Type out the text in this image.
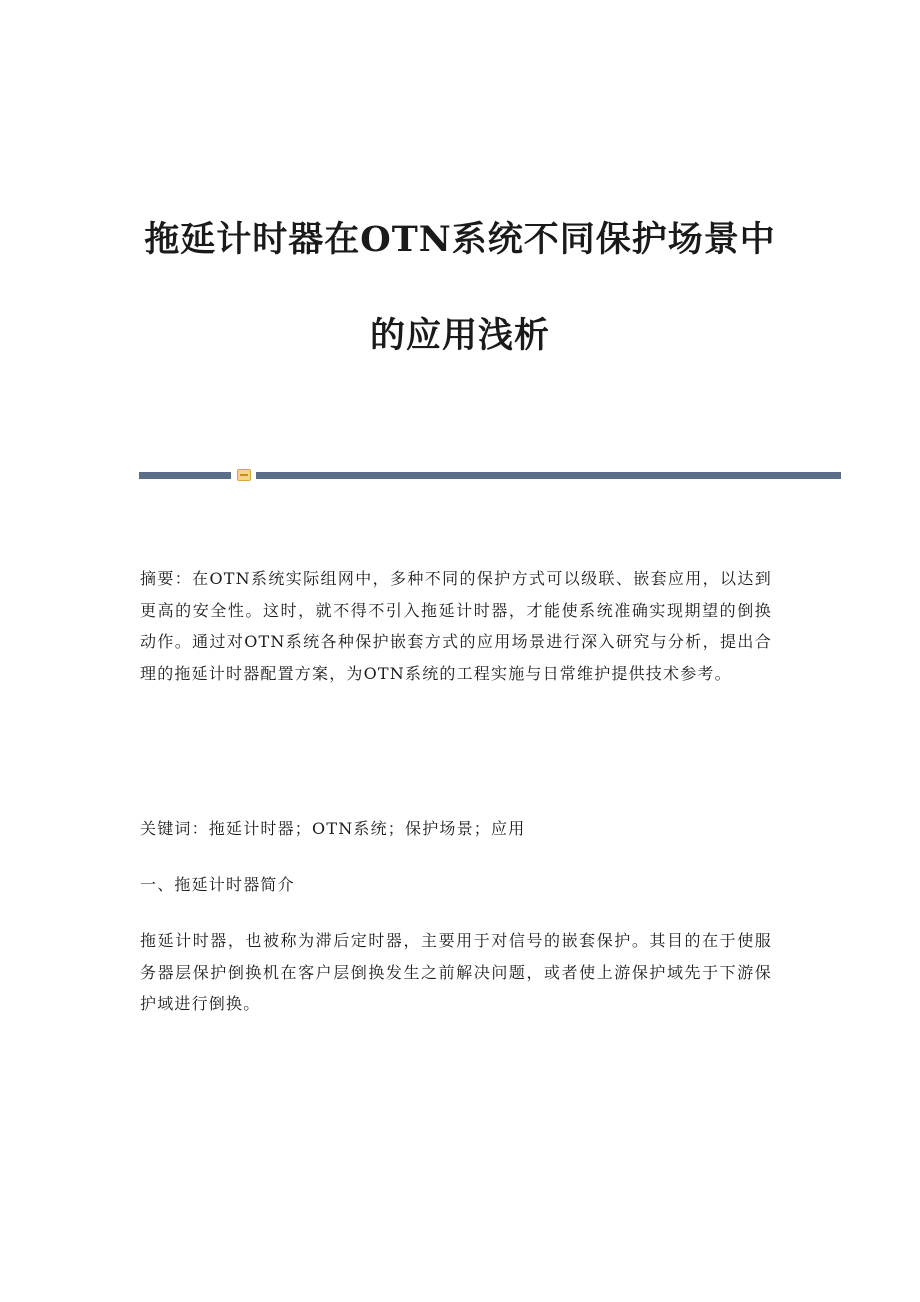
拖延计时器在OTN系统不同保护场景中
的应用浅析

摘要：在OTN系统实际组网中，多种不同的保护方式可以级联、嵌套应用，以达到更高的安全性。这时，就不得不引入拖延计时器，才能使系统准确实现期望的倒换动作。通过对OTN系统各种保护嵌套方式的应用场景进行深入研究与分析，提出合理的拖延计时器配置方案，为OTN系统的工程实施与日常维护提供技术参考。

关键词：拖延计时器；OTN系统；保护场景；应用

一、拖延计时器简介

拖延计时器，也被称为滞后定时器，主要用于对信号的嵌套保护。其目的在于使服务器层保护倒换机在客户层倒换发生之前解决问题，或者使上游保护域先于下游保护域进行倒换。
